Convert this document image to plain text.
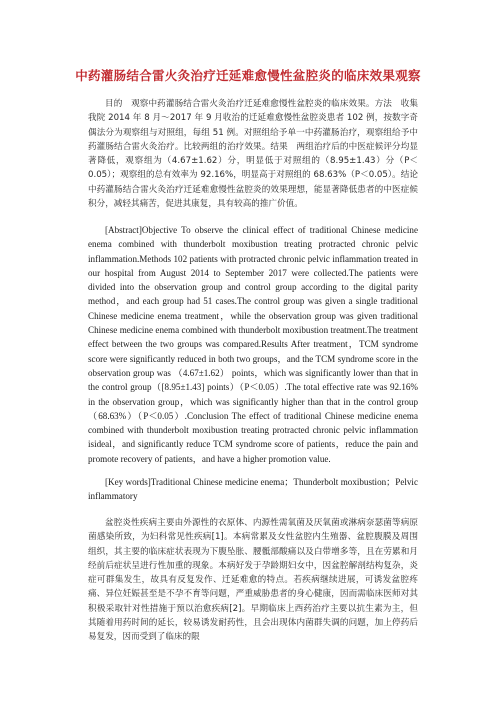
中药灌肠结合雷火灸治疗迁延难愈慢性盆腔炎的临床效果观察

目的　观察中药灌肠结合雷火灸治疗迁延难愈慢性盆腔炎的临床效果。方法　收集我院 2014 年 8 月～2017 年 9 月收治的迁延难愈慢性盆腔炎患者 102 例，按数字奇偶法分为观察组与对照组，每组 51 例。对照组给予单一中药灌肠治疗，观察组给予中药灌肠结合雷火灸治疗。比较两组的治疗效果。结果　两组治疗后的中医症候评分均显著降低，观察组为（4.67±1.62）分，明显低于对照组的（8.95±1.43）分（P＜0.05）；观察组的总有效率为 92.16%，明显高于对照组的 68.63%（P＜0.05）。结论　中药灌肠结合雷火灸治疗迁延难愈慢性盆腔炎的效果理想，能显著降低患者的中医症候积分，减轻其痛苦，促进其康复，具有较高的推广价值。

[Abstract]Objective To observe the clinical effect of traditional Chinese medicine enema combined with thunderbolt moxibustion treating protracted chronic pelvic inflammation.Methods 102 patients with protracted chronic pelvic inflammation treated in our hospital from August 2014 to September 2017 were collected.The patients were divided into the observation group and control group according to the digital parity method，and each group had 51 cases.The control group was given a single traditional Chinese medicine enema treatment，while the observation group was given traditional Chinese medicine enema combined with thunderbolt moxibustion treatment.The treatment effect between the two groups was compared.Results After treatment，TCM syndrome score were significantly reduced in both two groups，and the TCM syndrome score in the observation group was （4.67±1.62） points，which was significantly lower than that in the control group（[8.95±1.43] points）（P＜0.05）.The total effective rate was 92.16% in the observation group，which was significantly higher than that in the control group （68.63%）（P＜0.05）.Conclusion The effect of traditional Chinese medicine enema combined with thunderbolt moxibustion treating protracted chronic pelvic inflammation isideal，and significantly reduce TCM syndrome score of patients，reduce the pain and promote recovery of patients，and have a higher promotion value.

[Key words]Traditional Chinese medicine enema；Thunderbolt moxibustion；Pelvic inflammatory

盆腔炎性疾病主要由外源性的衣原体、内源性需氧菌及厌氧菌或淋病奈瑟菌等病原菌感染所致，为妇科常见性疾病[1]。本病常累及女性盆腔内生殖器、盆腔腹膜及周围组织，其主要的临床症状表现为下腹坠胀、腰骶部酸痛以及白带增多等，且在劳累和月经前后症状呈进行性加重的现象。本病好发于孕龄期妇女中，因盆腔解剖结构复杂，炎症可群集发生，故具有反复发作、迁延难愈的特点。若疾病继续进展，可诱发盆腔疼痛、异位妊娠甚至是不孕不育等问题，严重威胁患者的身心健康，因而需临床医师对其积极采取针对性措施于预以治愈疾病[2]。早期临床上西药治疗主要以抗生素为主，但其随着用药时间的延长，较易诱发耐药性，且会出现体内菌群失调的问题，加上停药后易复发，因而受到了临床的限
